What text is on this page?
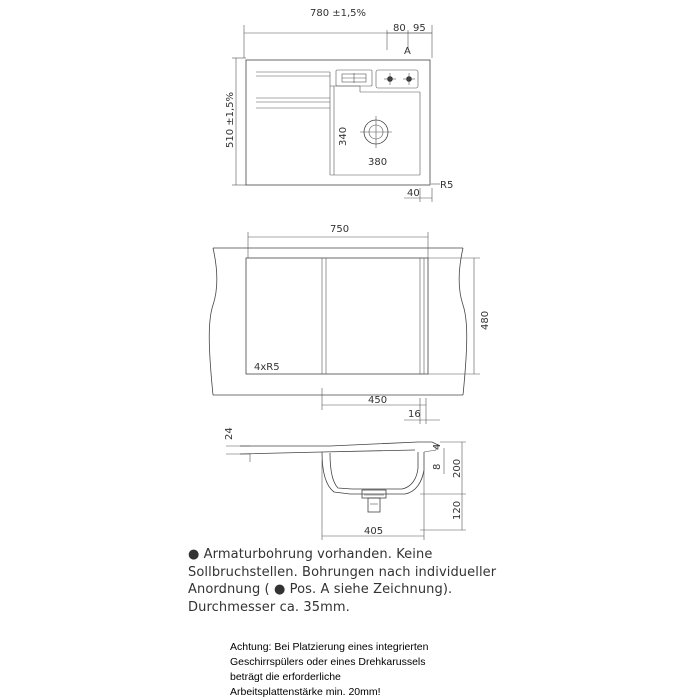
780 ±1,5%
80 95
A
510 ±1,5%	340
380
40
R5
750
4xR5
480
450
16
24
8
4
200
120
405
● Armaturbohrung vorhanden. Keine
Sollbruchstellen. Bohrungen nach individueller
Anordnung ( ● Pos. A siehe Zeichnung).
Durchmesser ca. 35mm.
Achtung: Bei Platzierung eines integrierten
Geschirrspülers oder eines Drehkarussels
beträgt die erforderliche
Arbeitsplattenstärke min. 20mm!
